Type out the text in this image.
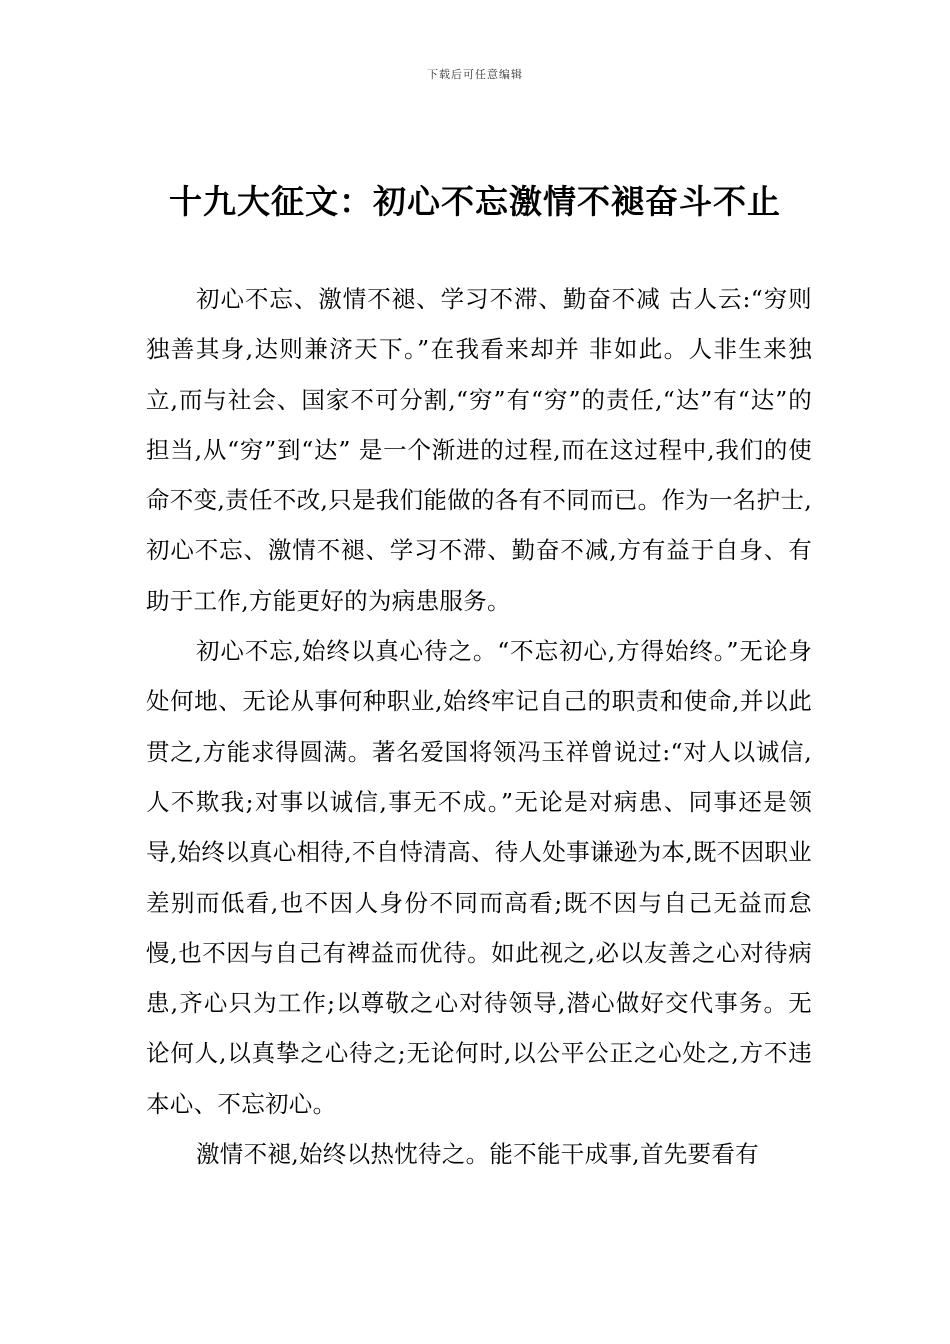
下载后可任意编辑
十九大征文：初心不忘激情不褪奋斗不止

初心不忘、激情不褪、学习不滞、勤奋不减 古人云:“穷则独善其身,达则兼济天下。”在我看来却并 非如此。人非生来独立,而与社会、国家不可分割,“穷”有“穷”的责任,“达”有“达”的担当,从“穷”到“达” 是一个渐进的过程,而在这过程中,我们的使命不变,责任不改,只是我们能做的各有不同而已。作为一名护士,初心不忘、激情不褪、学习不滞、勤奋不减,方有益于自身、有助于工作,方能更好的为病患服务。

初心不忘,始终以真心待之。“不忘初心,方得始终。”无论身处何地、无论从事何种职业,始终牢记自己的职责和使命,并以此贯之,方能求得圆满。著名爱国将领冯玉祥曾说过:“对人以诚信,人不欺我;对事以诚信,事无不成。”无论是对病患、同事还是领导,始终以真心相待,不自恃清高、待人处事谦逊为本,既不因职业差别而低看,也不因人身份不同而高看;既不因与自己无益而怠慢,也不因与自己有裨益而优待。如此视之,必以友善之心对待病患,齐心只为工作;以尊敬之心对待领导,潜心做好交代事务。无论何人,以真挚之心待之;无论何时,以公平公正之心处之,方不违本心、不忘初心。

激情不褪,始终以热忱待之。能不能干成事,首先要看有
